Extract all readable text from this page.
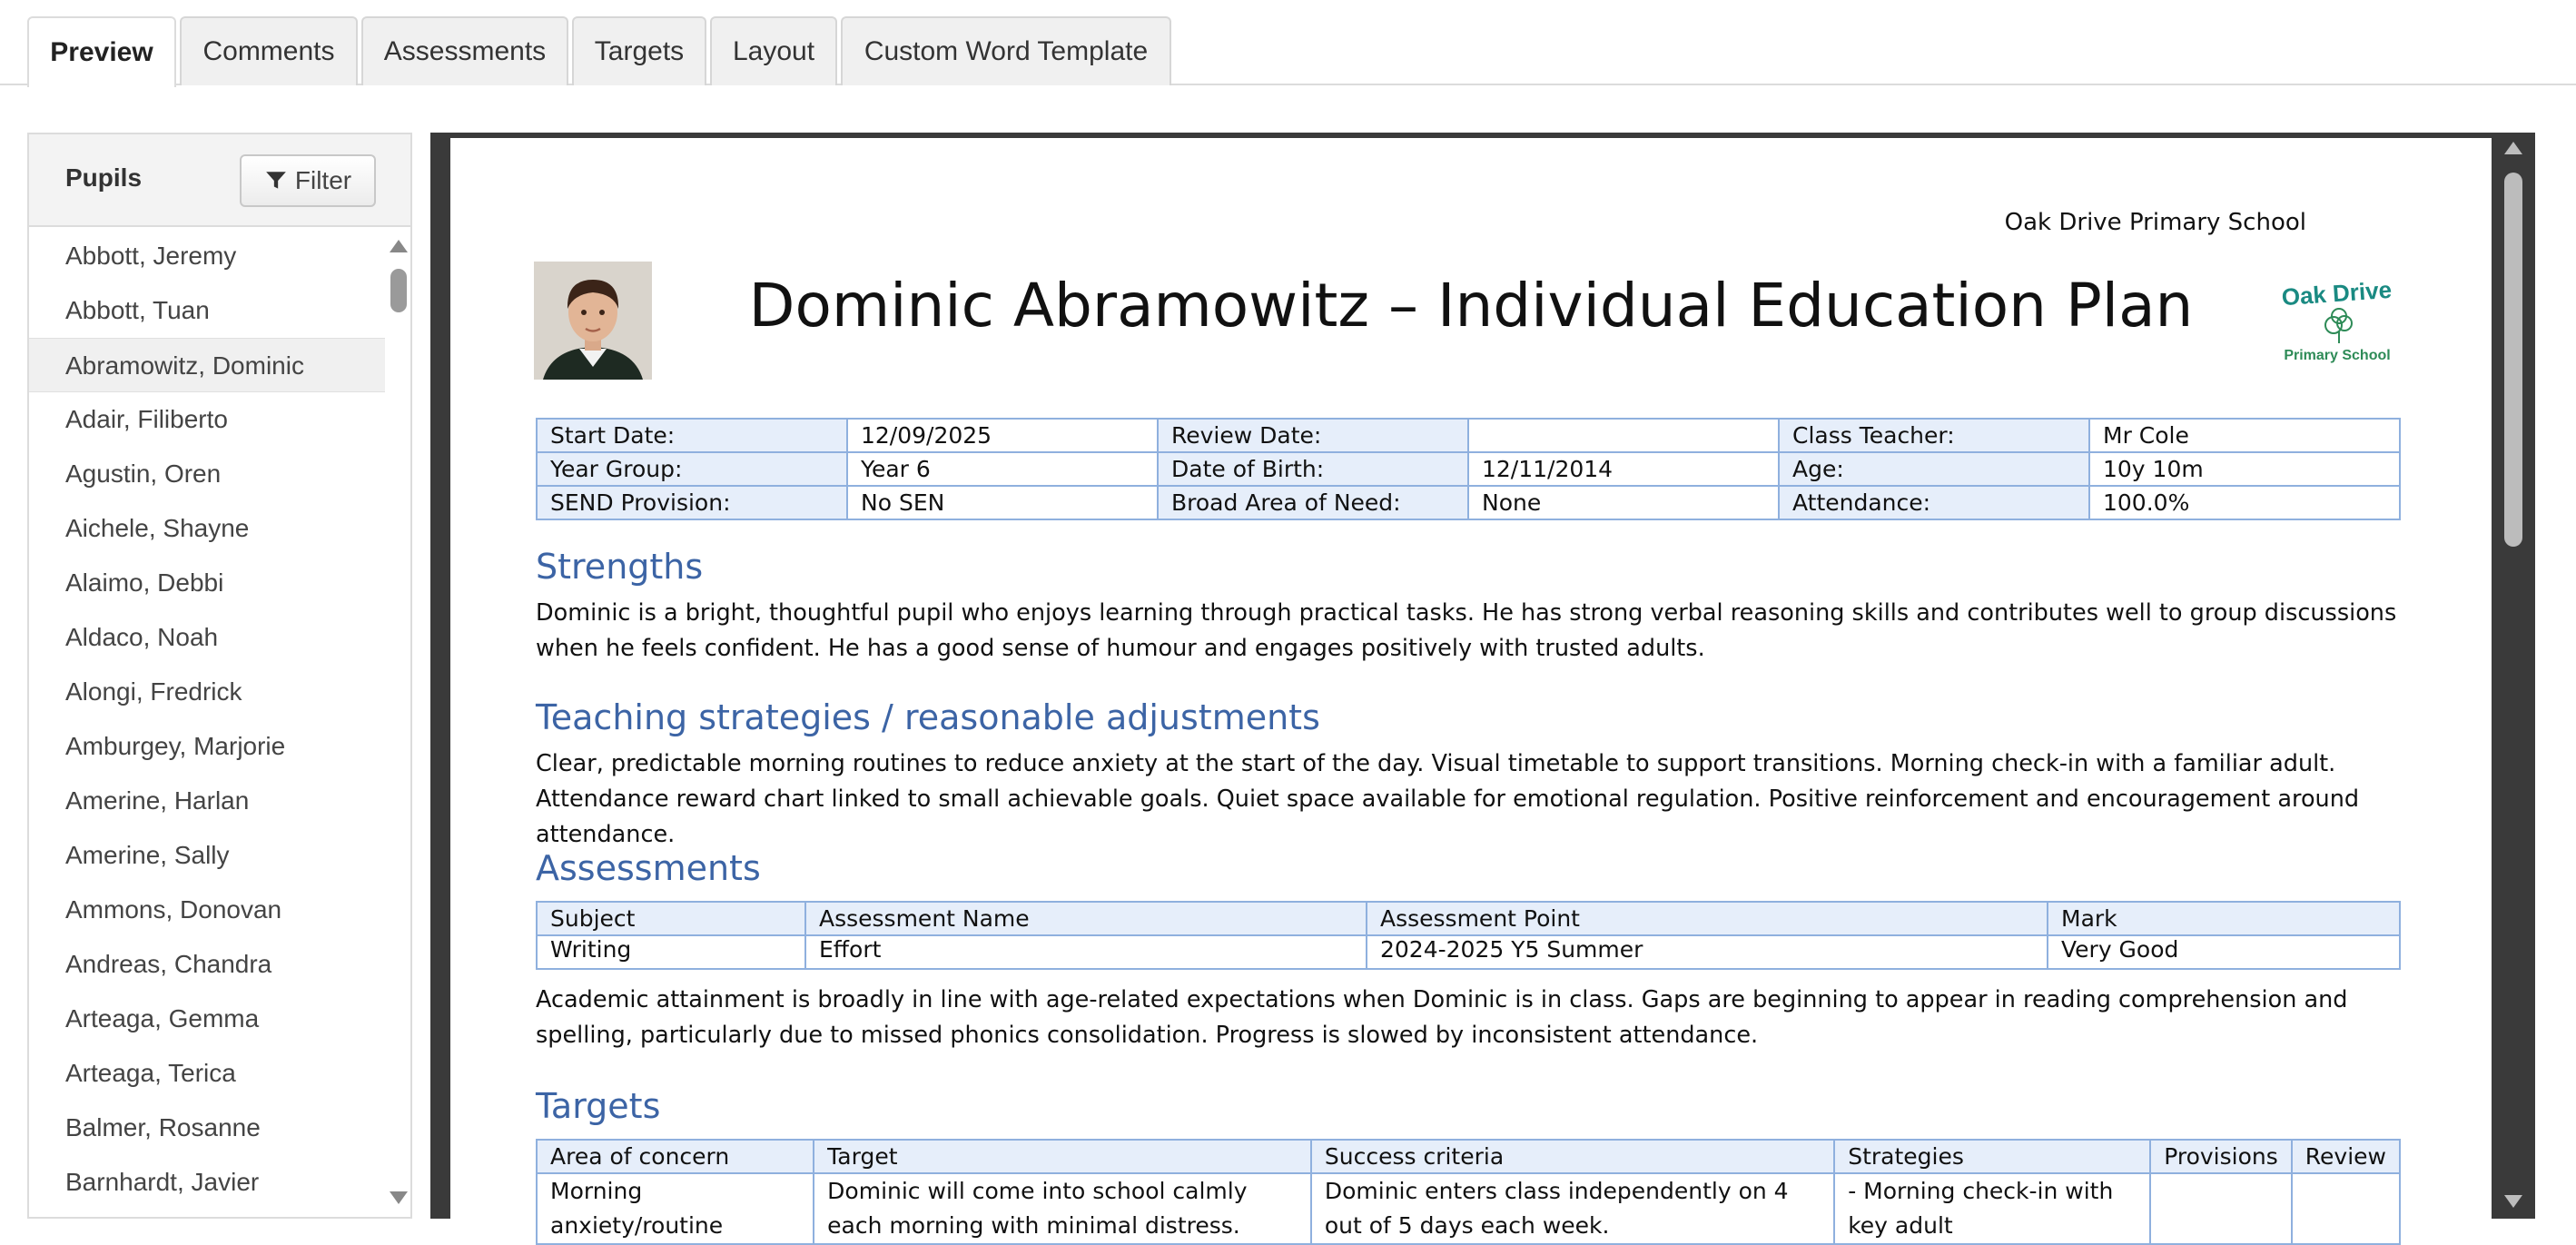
Preview	Comments	Assessments	Targets	Layout	Custom Word Template
Pupils	Filter
Abbott, Jeremy
Abbott, Tuan
Abramowitz, Dominic
Adair, Filiberto
Agustin, Oren
Aichele, Shayne
Alaimo, Debbi
Aldaco, Noah
Alongi, Fredrick
Amburgey, Marjorie
Amerine, Harlan
Amerine, Sally
Ammons, Donovan
Andreas, Chandra
Arteaga, Gemma
Arteaga, Terica
Balmer, Rosanne
Barnhardt, Javier
Oak Drive Primary School
Dominic Abramowitz – Individual Education Plan	Oak Drive
Primary School
Start Date:	12/09/2025	Review Date:		Class Teacher:	Mr Cole
Year Group:	Year 6	Date of Birth:	12/11/2014	Age:	10y 10m
SEND Provision:	No SEN	Broad Area of Need:	None	Attendance:	100.0%
Strengths
Dominic is a bright, thoughtful pupil who enjoys learning through practical tasks. He has strong verbal reasoning skills and contributes well to group discussions when he feels confident. He has a good sense of humour and engages positively with trusted adults.
Teaching strategies / reasonable adjustments
Clear, predictable morning routines to reduce anxiety at the start of the day. Visual timetable to support transitions. Morning check-in with a familiar adult. Attendance reward chart linked to small achievable goals. Quiet space available for emotional regulation. Positive reinforcement and encouragement around attendance.
Assessments
Subject	Assessment Name	Assessment Point	Mark
Writing	Effort	2024-2025 Y5 Summer	Very Good
Academic attainment is broadly in line with age-related expectations when Dominic is in class. Gaps are beginning to appear in reading comprehension and spelling, particularly due to missed phonics consolidation. Progress is slowed by inconsistent attendance.
Targets
Area of concern	Target	Success criteria	Strategies	Provisions	Review
Morning anxiety/routine	Dominic will come into school calmly each morning with minimal distress.	Dominic enters class independently on 4 out of 5 days each week.	- Morning check-in with key adult		
